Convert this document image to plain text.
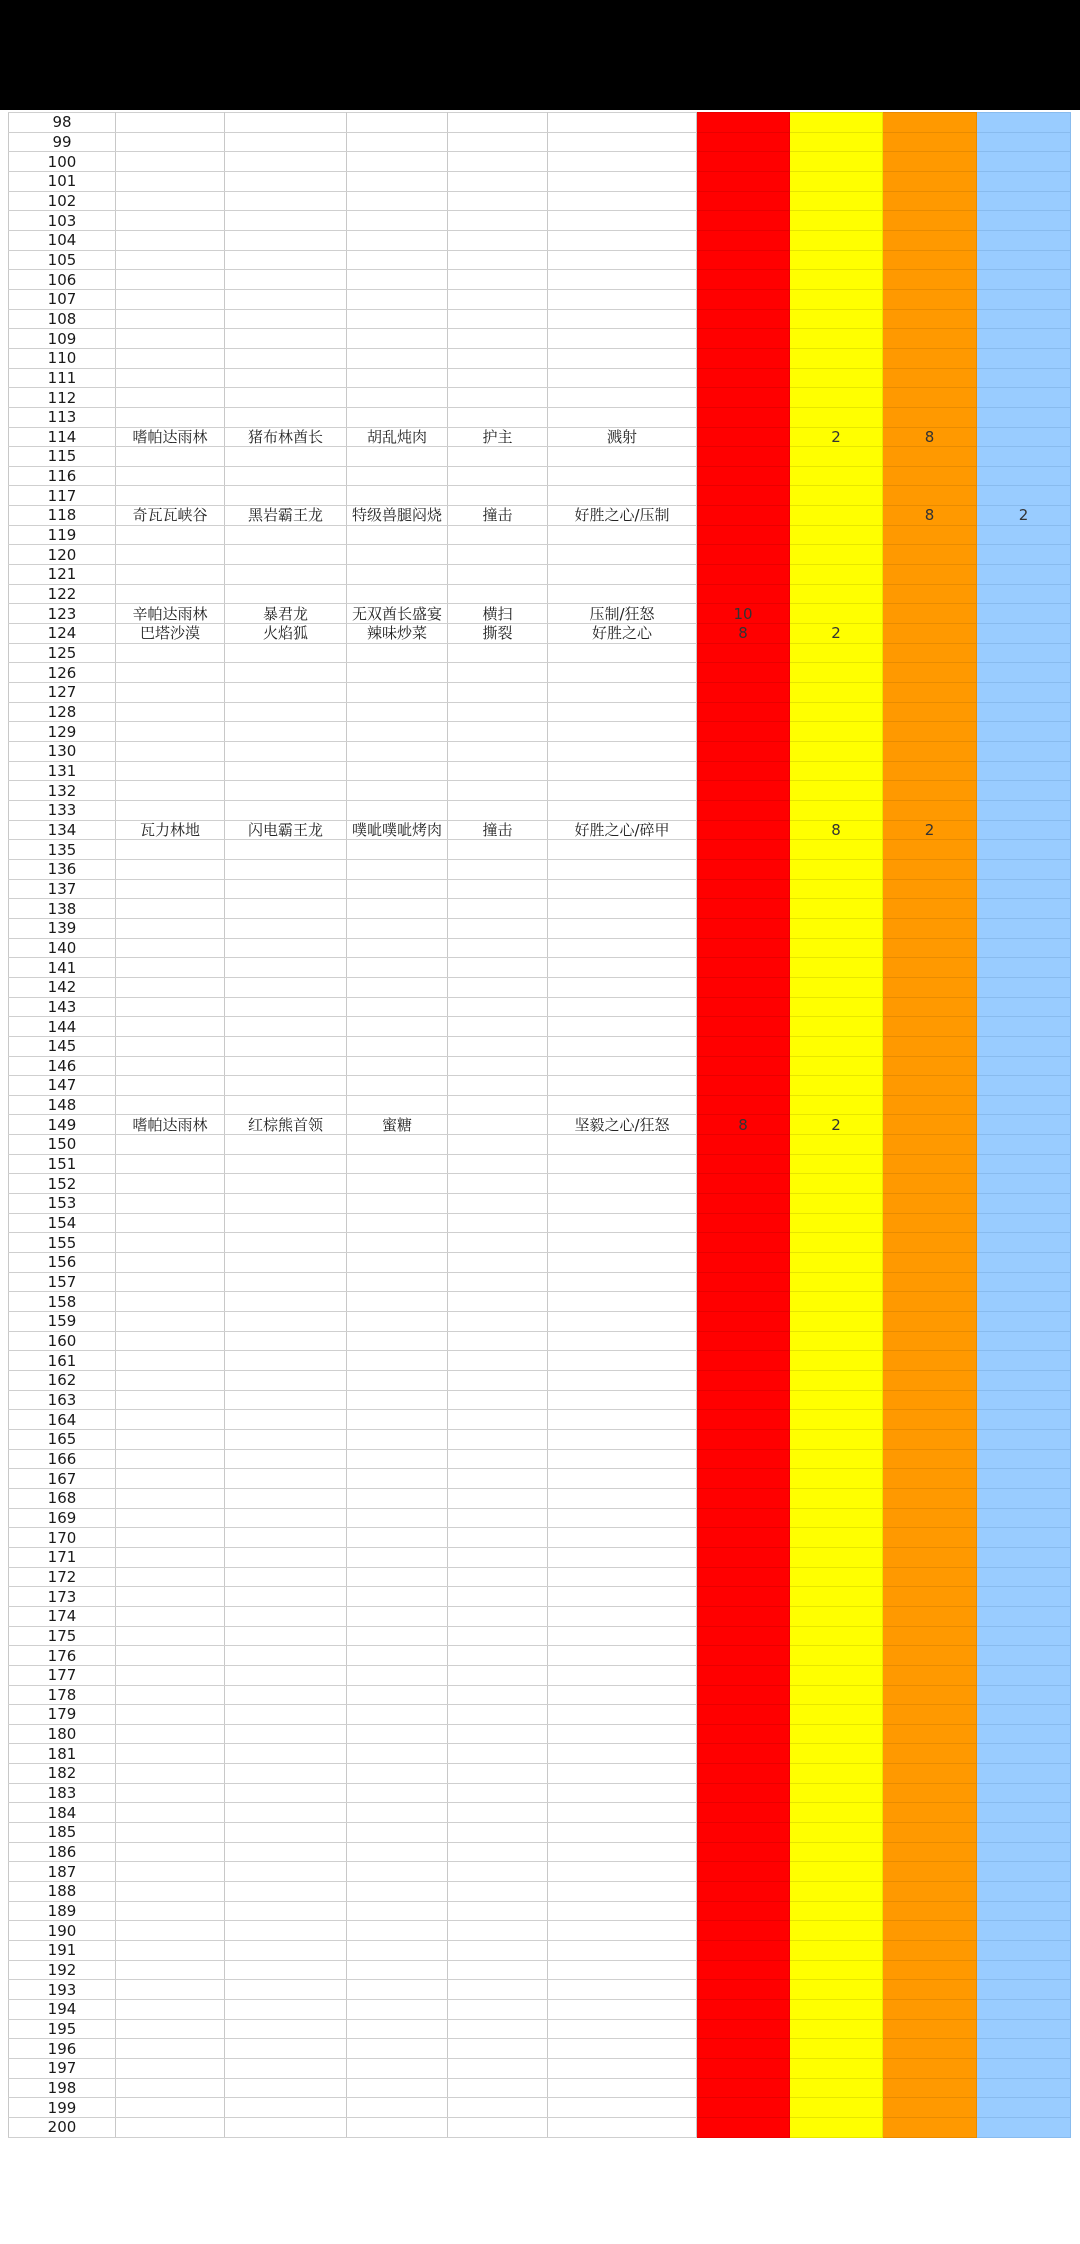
98									
99									
100									
101									
102									
103									
104									
105									
106									
107									
108									
109									
110									
111									
112									
113									
114	嗜帕达雨林	猪布林酋长	胡乱炖肉	护主	溅射		2	8	
115									
116									
117									
118	奇瓦瓦峡谷	黑岩霸王龙	特级兽腿闷烧	撞击	好胜之心/压制			8	2
119									
120									
121									
122									
123	辛帕达雨林	暴君龙	无双酋长盛宴	横扫	压制/狂怒	10			
124	巴塔沙漠	火焰狐	辣味炒菜	撕裂	好胜之心	8	2		
125									
126									
127									
128									
129									
130									
131									
132									
133									
134	瓦力林地	闪电霸王龙	噗呲噗呲烤肉	撞击	好胜之心/碎甲		8	2	
135									
136									
137									
138									
139									
140									
141									
142									
143									
144									
145									
146									
147									
148									
149	嗜帕达雨林	红棕熊首领	蜜糖		坚毅之心/狂怒	8	2		
150									
151									
152									
153									
154									
155									
156									
157									
158									
159									
160									
161									
162									
163									
164									
165									
166									
167									
168									
169									
170									
171									
172									
173									
174									
175									
176									
177									
178									
179									
180									
181									
182									
183									
184									
185									
186									
187									
188									
189									
190									
191									
192									
193									
194									
195									
196									
197									
198									
199									
200									
